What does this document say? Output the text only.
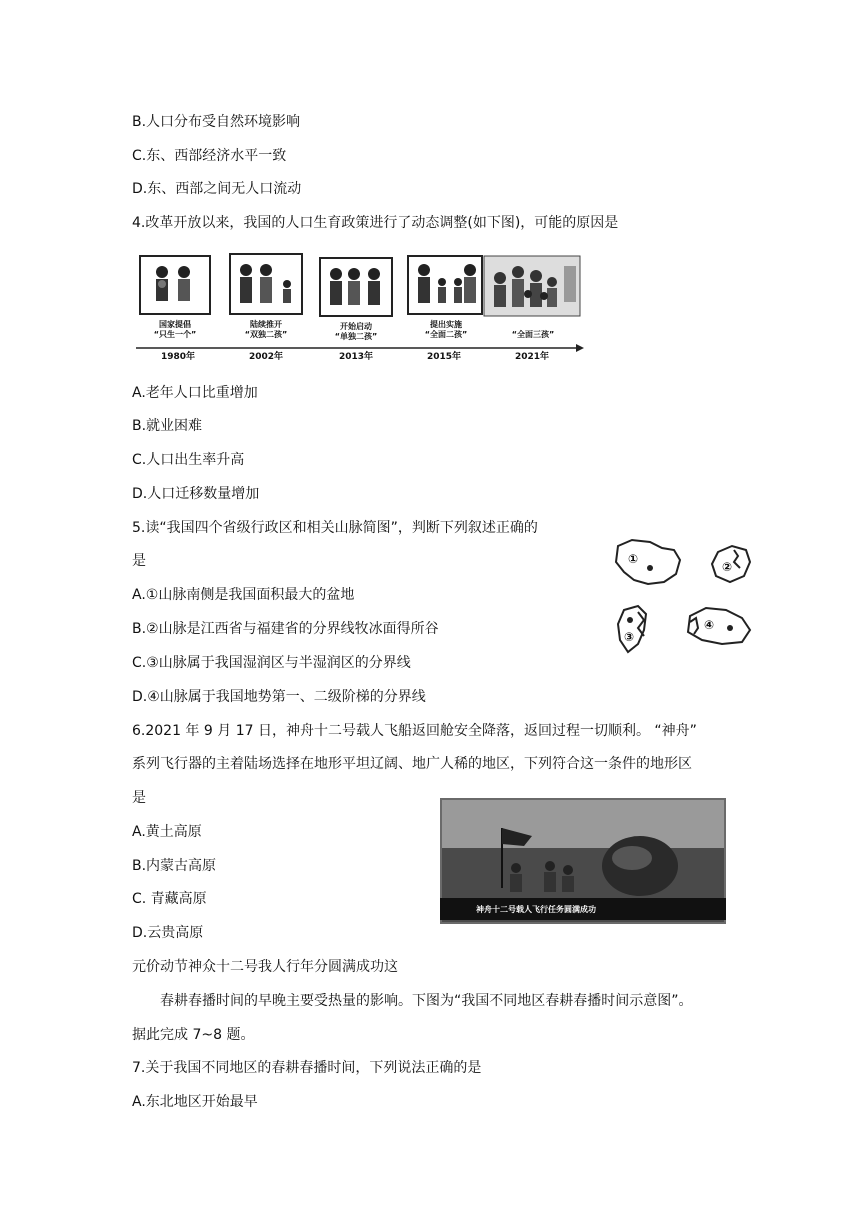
B.人口分布受自然环境影响
C.东、西部经济水平一致
D.东、西部之间无人口流动
4.改革开放以来，我国的人口生育政策进行了动态调整(如下图)，可能的原因是
国家提倡
“只生一个”
陆续推开
“双独二孩”
开始启动
“单独二孩”
提出实施
“全面二孩”	“全面三孩”
1980年	2002年	2013年	2015年	2021年
A.老年人口比重增加
B.就业困难
C.人口出生率升高
D.人口迁移数量增加
5.读“我国四个省级行政区和相关山脉简图”，判断下列叙述正确的
是	①
②
③
④
A.①山脉南侧是我国面积最大的盆地
B.②山脉是江西省与福建省的分界线牧冰面得所谷
C.③山脉属于我国湿润区与半湿润区的分界线
D.④山脉属于我国地势第一、二级阶梯的分界线
6.2021 年 9 月 17 日，神舟十二号载人飞船返回舱安全降落，返回过程一切顺利。 “神舟”
系列飞行器的主着陆场选择在地形平坦辽阔、地广人稀的地区，下列符合这一条件的地形区
是
神舟十二号载人飞行任务圆满成功
A.黄土高原
B.内蒙古高原
C. 青藏高原
D.云贵高原
元价动节神众十二号我人行年分圆满成功这
春耕春播时间的早晚主要受热量的影响。下图为“我国不同地区春耕春播时间示意图”。
据此完成 7~8 题。
7.关于我国不同地区的春耕春播时间，下列说法正确的是
A.东北地区开始最早
